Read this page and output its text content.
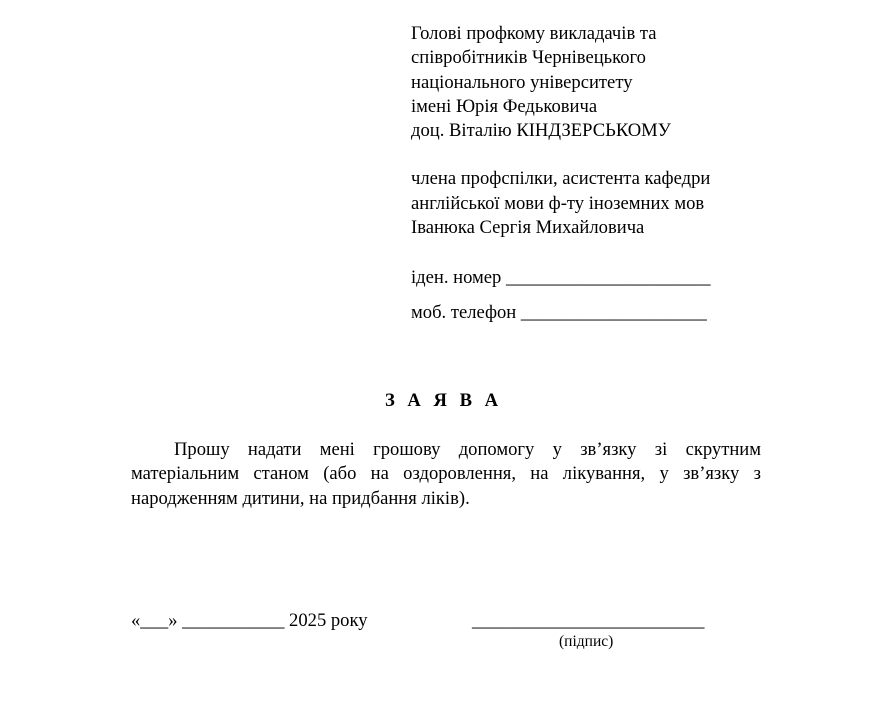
Голові профкому викладачів та
співробітників Чернівецького
національного університету
імені Юрія Федьковича
доц. Віталію КІНДЗЕРСЬКОМУ
члена профспілки, асистента кафедри
англійської мови ф-ту іноземних мов
Іванюка Сергія Михайловича
іден. номер ______________________
моб. телефон ____________________
З А Я В А

Прошу надати мені грошову допомогу у зв’язку зі скрутним матеріальним станом (або на оздоровлення, на лікування, у зв’язку з народженням дитини, на придбання ліків).

«___» ___________ 2025 року	_________________________
(підпис)
